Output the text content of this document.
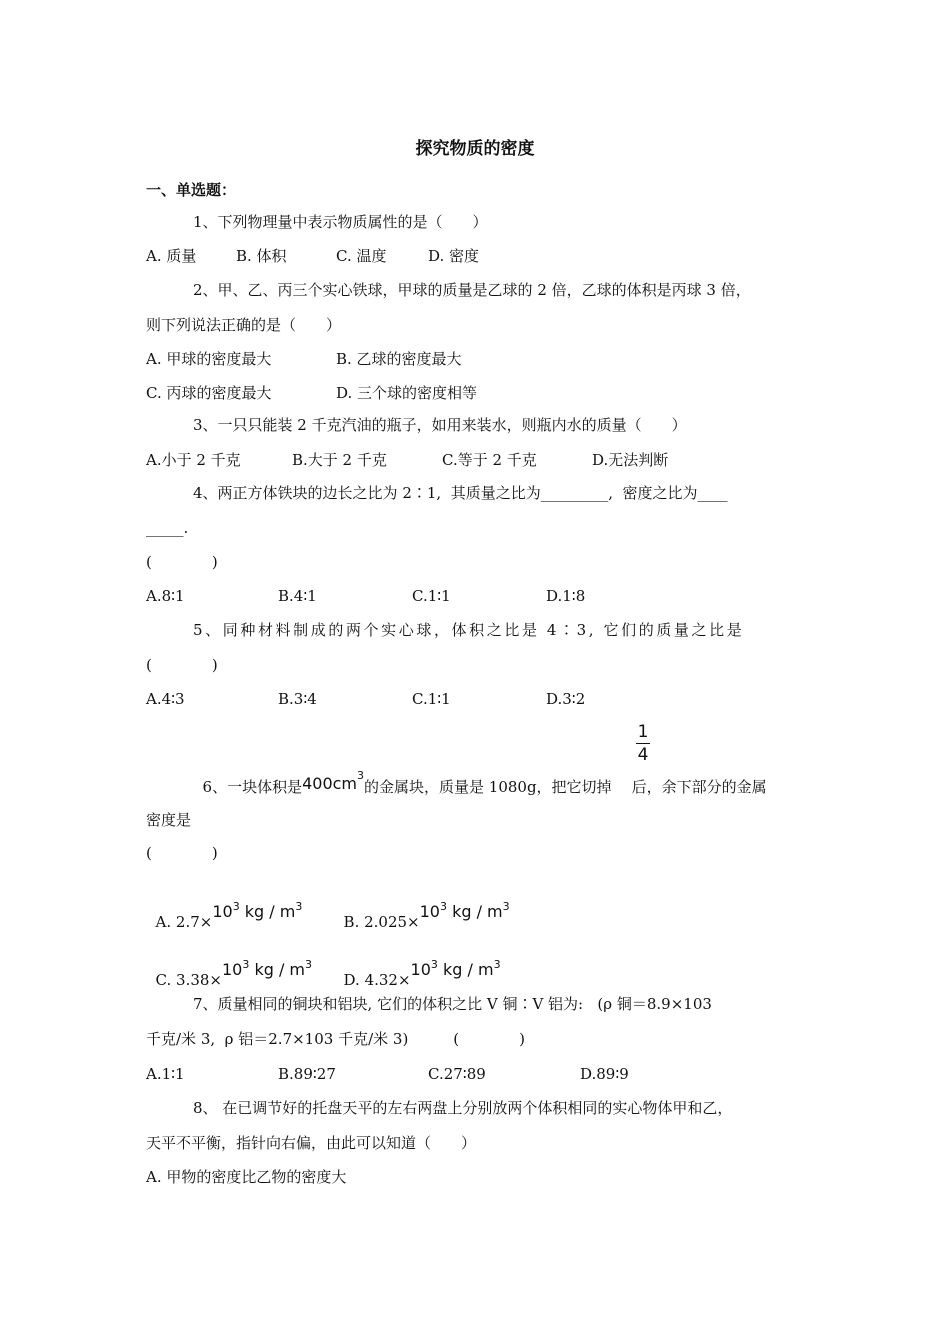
探究物质的密度
一、单选题：
1、下列物理量中表示物质属性的是（　　）
A. 质量	B. 体积	C. 温度	D. 密度
2、甲、乙、丙三个实心铁球，甲球的质量是乙球的 2 倍，乙球的体积是丙球 3 倍，
则下列说法正确的是（　　）
A. 甲球的密度最大	B. 乙球的密度最大
C. 丙球的密度最大	D. 三个球的密度相等
3、一只只能装 2 千克汽油的瓶子，如用来装水，则瓶内水的质量（　　）
A.小于 2 千克	B.大于 2 千克	C.等于 2 千克	D.无法判断
4、两正方体铁块的边长之比为 2∶1,  其质量之比为_________,  密度之比为____
_____.
(　　　　)
A.8∶1	B.4∶1	C.1∶1	D.1∶8
5、同种材料制成的两个实心球，体积之比是 4∶3, 它们的质量之比是
(　　　　)
A.4∶3	B.3∶4	C.1∶1	D.3∶2

6、一块体积是$400cm^3$的金属块，质量是 1080g，把它切掉 后，余下部分的金属

1
4
密度是
(　　　　)

A. $2.7\times 10^3$ kg / $m^3$

B. $2.025\times 10^3$ kg / $m^3$

C. $3.38\times 10^3$ kg / $m^3$

D. $4.32\times 10^3$ kg / $m^3$

7、质量相同的铜块和铝块, 它们的体积之比 V 铜∶V 铝为:   (ρ 铜＝8.9×103
千克/米 3,  ρ 铝＝2.7×103 千克/米 3)　　　(　　　　)
A.1∶1	B.89∶27	C.27∶89	D.89∶9
8、 在已调节好的托盘天平的左右两盘上分别放两个体积相同的实心物体甲和乙，
天平不平衡，指针向右偏，由此可以知道（　　）
A. 甲物的密度比乙物的密度大
